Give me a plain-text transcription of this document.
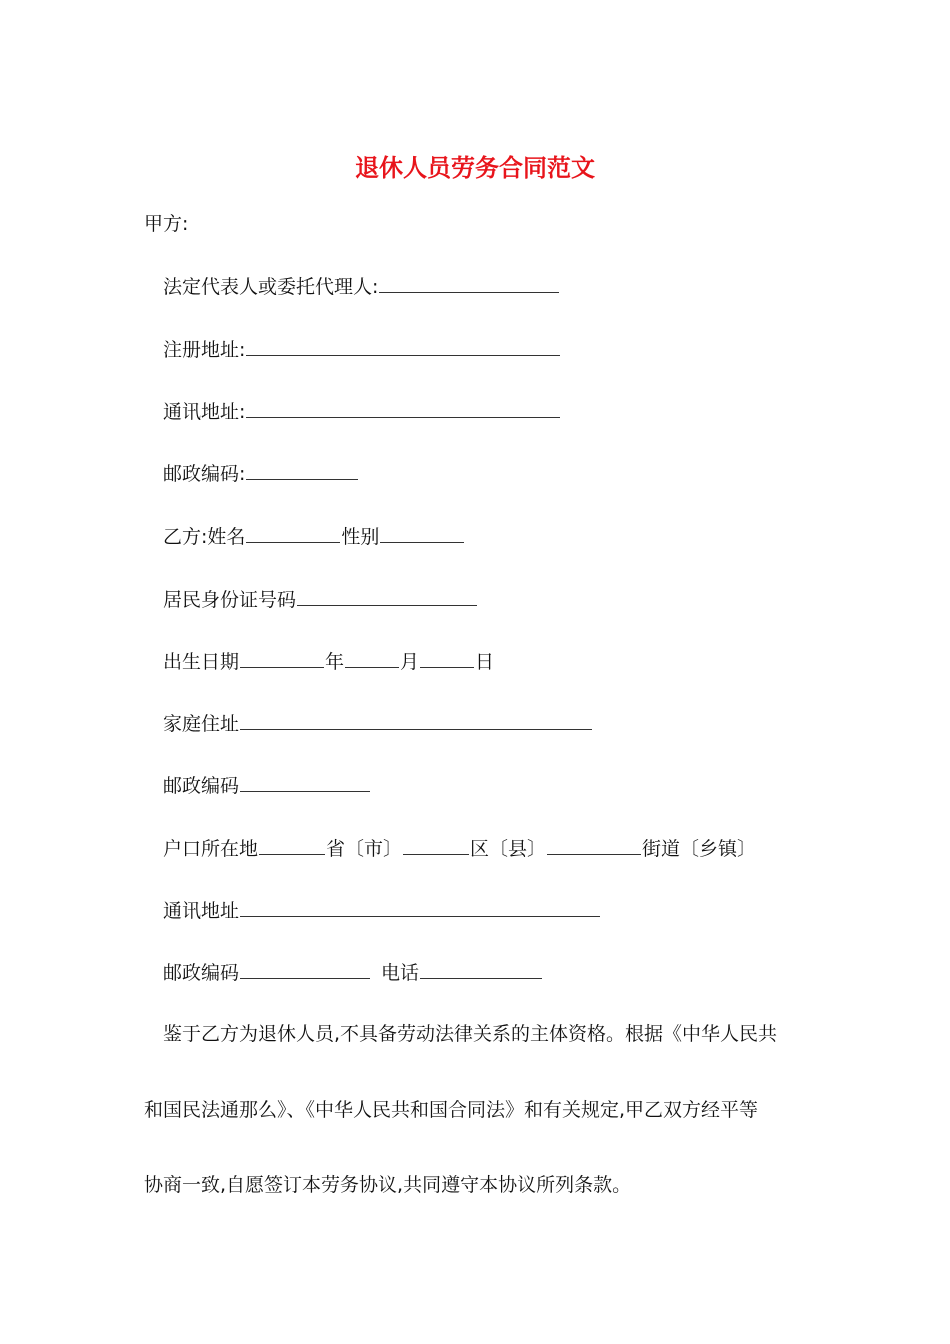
退休人员劳务合同范文
甲方:
法定代表人或委托代理人:
注册地址:
通讯地址:
邮政编码:
乙方:姓名	性别
居民身份证号码
出生日期	年	月	日
家庭住址
邮政编码
户口所在地	省〔市〕	区〔县〕	街道〔乡镇〕
通讯地址
邮政编码	电话
鉴于乙方为退休人员,不具备劳动法律关系的主体资格。根据《中华人民共
和国民法通那么》、《中华人民共和国合同法》和有关规定,甲乙双方经平等
协商一致,自愿签订本劳务协议,共同遵守本协议所列条款。
